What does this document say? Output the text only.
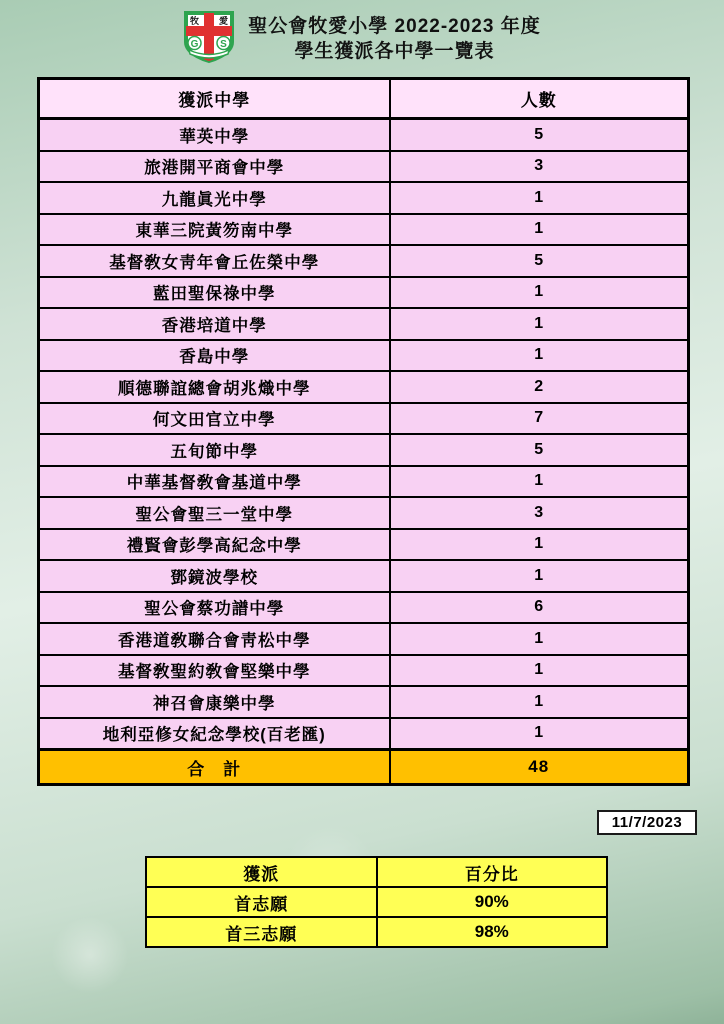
牧 愛
G S
聖公會牧愛小學 2022-2023 年度
學生獲派各中學一覽表
獲派中學	人數
華英中學	5
旅港開平商會中學	3
九龍眞光中學	1
東華三院黃笏南中學	1
基督敎女靑年會丘佐榮中學	5
藍田聖保祿中學	1
香港培道中學	1
香島中學	1
順德聯誼總會胡兆熾中學	2
何文田官立中學	7
五旬節中學	5
中華基督敎會基道中學	1
聖公會聖三一堂中學	3
禮賢會彭學高紀念中學	1
鄧鏡波學校	1
聖公會蔡功譜中學	6
香港道敎聯合會靑松中學	1
基督敎聖約敎會堅樂中學	1
神召會康樂中學	1
地利亞修女紀念學校(百老匯)	1
合　計	48
11/7/2023
獲派	百分比
首志願	90%
首三志願	98%
